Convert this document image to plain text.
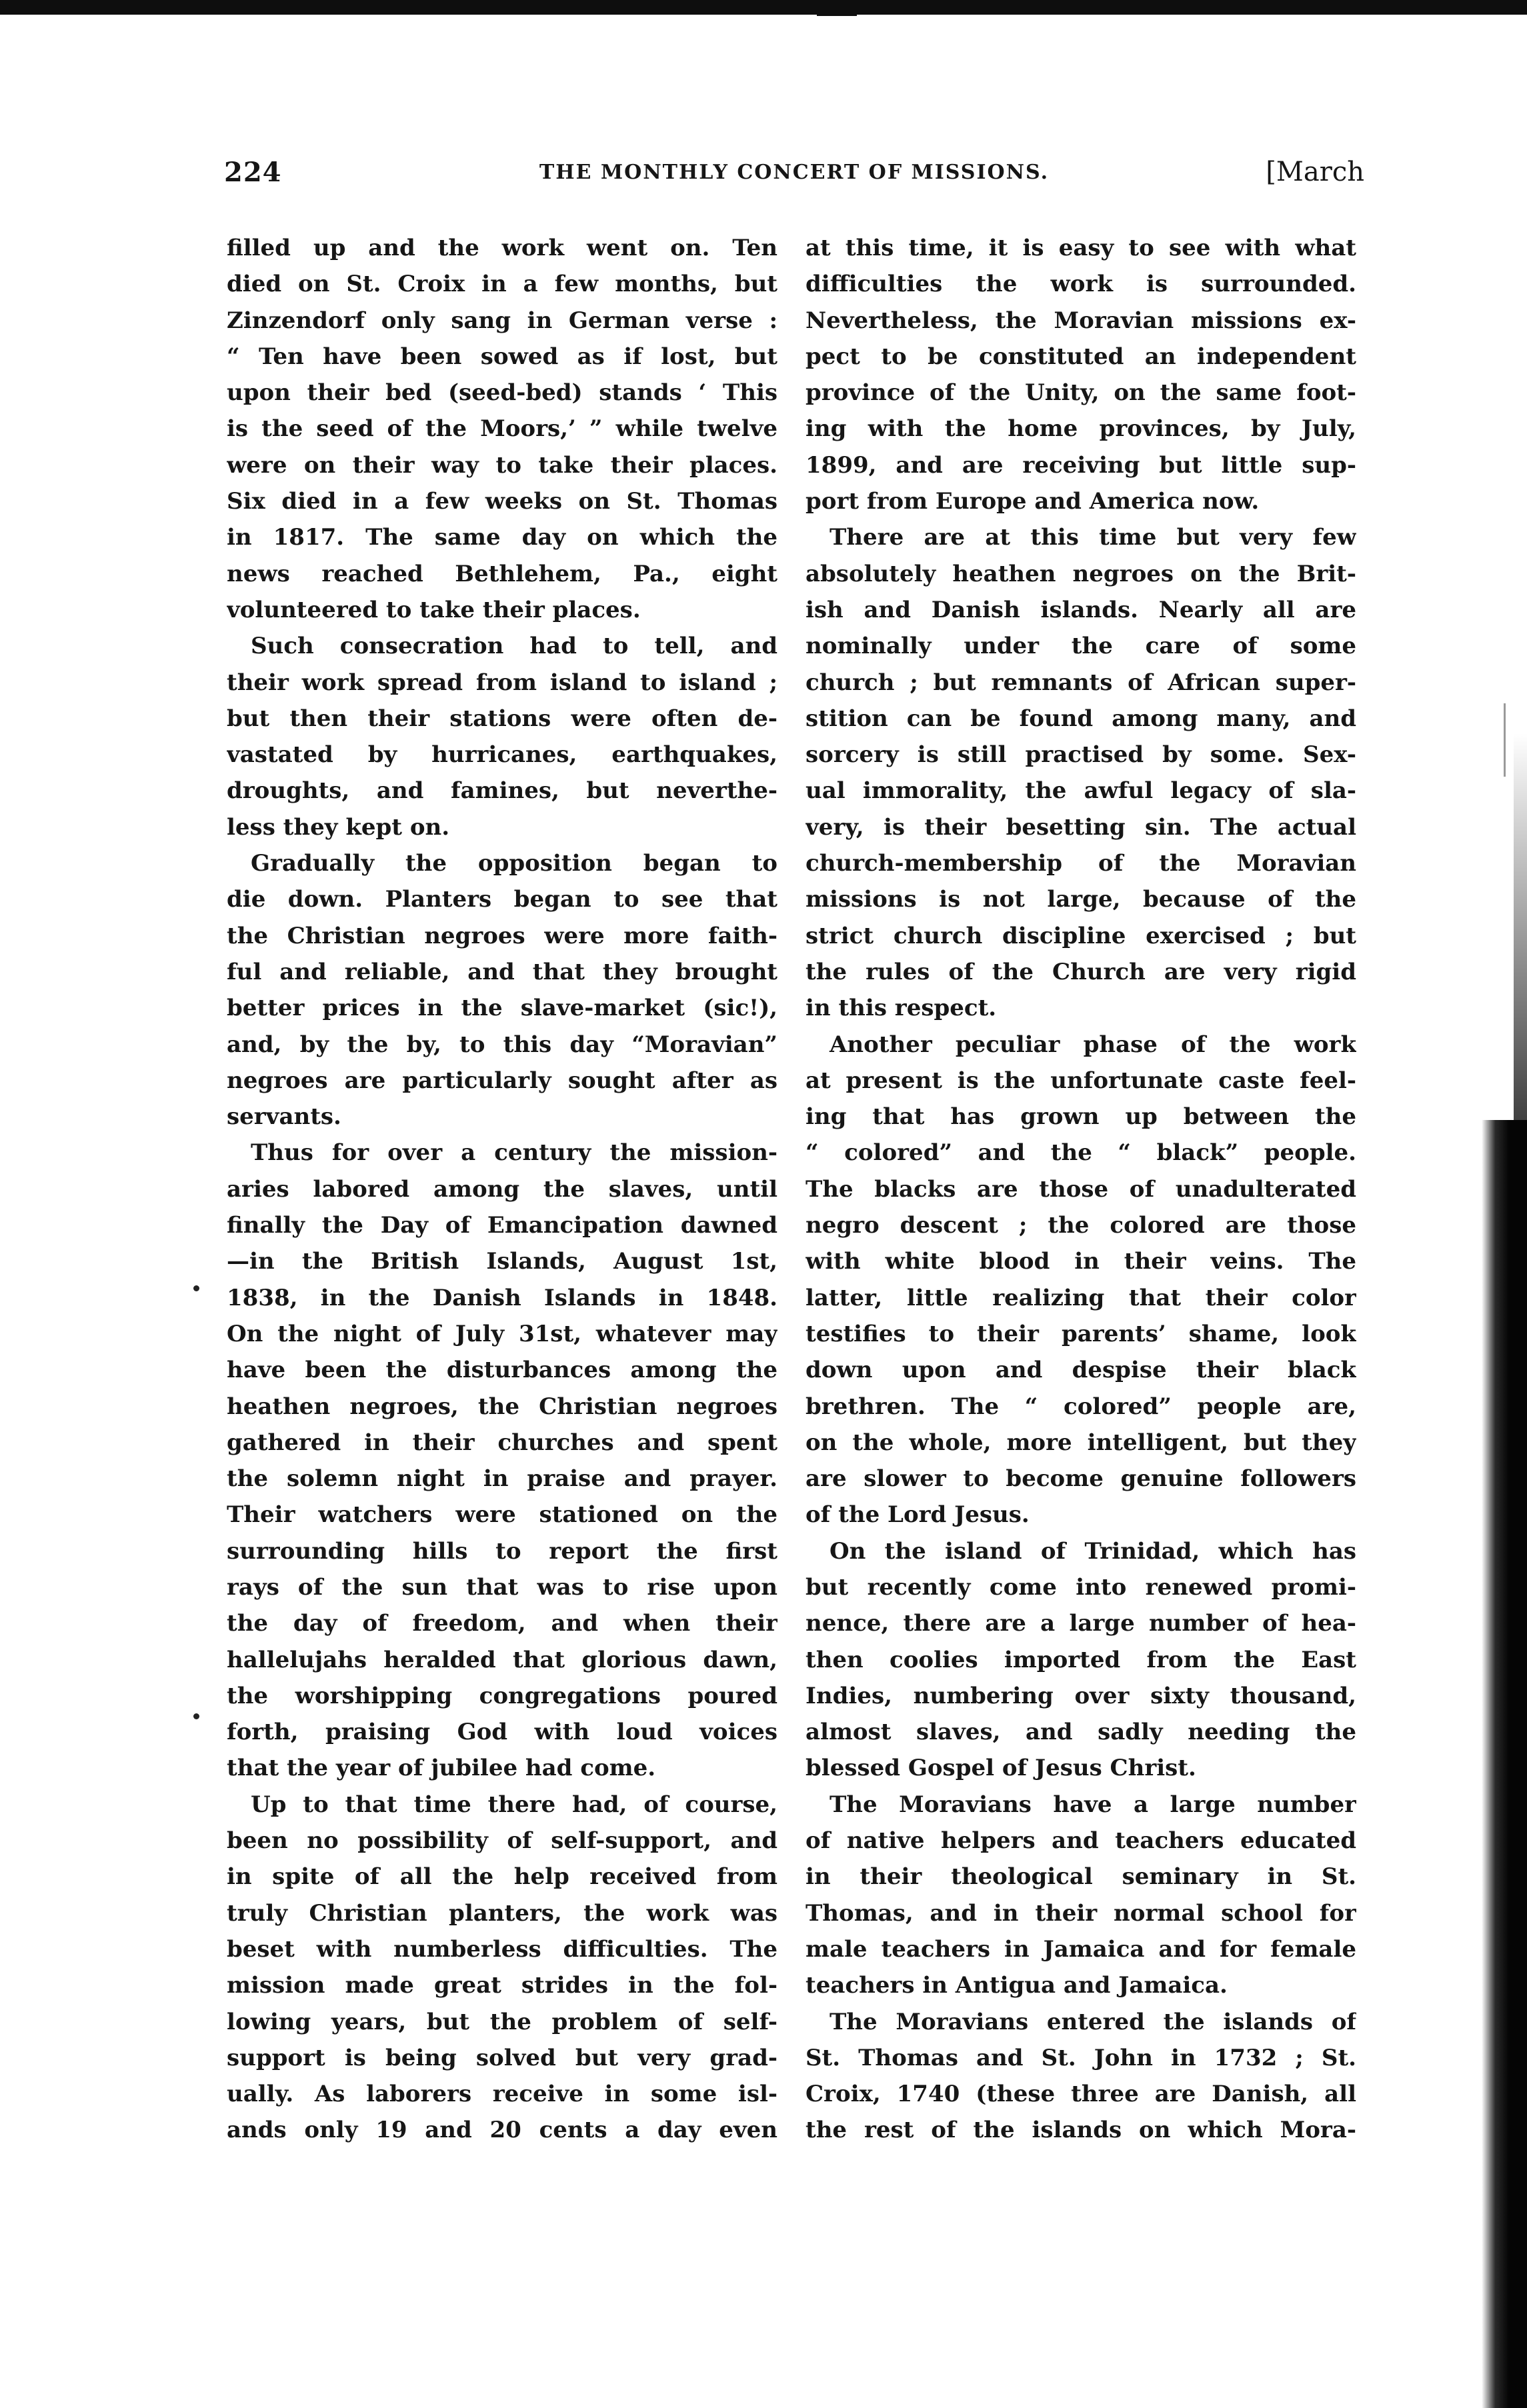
224	THE MONTHLY CONCERT OF MISSIONS.	[March
filled up and the work went on. Ten
died on St. Croix in a few months, but
Zinzendorf only sang in German verse :
“ Ten have been sowed as if lost, but
upon their bed (seed-bed) stands ‘ This
is the seed of the Moors,’ ” while twelve
were on their way to take their places.
Six died in a few weeks on St. Thomas
in 1817. The same day on which the
news reached Bethlehem, Pa., eight
volunteered to take their places.
Such consecration had to tell, and
their work spread from island to island ;
but then their stations were often de-
vastated by hurricanes, earthquakes,
droughts, and famines, but neverthe-
less they kept on.
Gradually the opposition began to
die down. Planters began to see that
the Christian negroes were more faith-
ful and reliable, and that they brought
better prices in the slave-market (sic!),
and, by the by, to this day “Moravian”
negroes are particularly sought after as
servants.
Thus for over a century the mission-
aries labored among the slaves, until
finally the Day of Emancipation dawned
—in the British Islands, August 1st,
1838, in the Danish Islands in 1848.
On the night of July 31st, whatever may
have been the disturbances among the
heathen negroes, the Christian negroes
gathered in their churches and spent
the solemn night in praise and prayer.
Their watchers were stationed on the
surrounding hills to report the first
rays of the sun that was to rise upon
the day of freedom, and when their
hallelujahs heralded that glorious dawn,
the worshipping congregations poured
forth, praising God with loud voices
that the year of jubilee had come.
Up to that time there had, of course,
been no possibility of self-support, and
in spite of all the help received from
truly Christian planters, the work was
beset with numberless difficulties. The
mission made great strides in the fol-
lowing years, but the problem of self-
support is being solved but very grad-
ually. As laborers receive in some isl-
ands only 19 and 20 cents a day even
at this time, it is easy to see with what
difficulties the work is surrounded.
Nevertheless, the Moravian missions ex-
pect to be constituted an independent
province of the Unity, on the same foot-
ing with the home provinces, by July,
1899, and are receiving but little sup-
port from Europe and America now.
There are at this time but very few
absolutely heathen negroes on the Brit-
ish and Danish islands. Nearly all are
nominally under the care of some
church ; but remnants of African super-
stition can be found among many, and
sorcery is still practised by some. Sex-
ual immorality, the awful legacy of sla-
very, is their besetting sin. The actual
church-membership of the Moravian
missions is not large, because of the
strict church discipline exercised ; but
the rules of the Church are very rigid
in this respect.
Another peculiar phase of the work
at present is the unfortunate caste feel-
ing that has grown up between the
“ colored” and the “ black” people.
The blacks are those of unadulterated
negro descent ; the colored are those
with white blood in their veins. The
latter, little realizing that their color
testifies to their parents’ shame, look
down upon and despise their black
brethren. The “ colored” people are,
on the whole, more intelligent, but they
are slower to become genuine followers
of the Lord Jesus.
On the island of Trinidad, which has
but recently come into renewed promi-
nence, there are a large number of hea-
then coolies imported from the East
Indies, numbering over sixty thousand,
almost slaves, and sadly needing the
blessed Gospel of Jesus Christ.
The Moravians have a large number
of native helpers and teachers educated
in their theological seminary in St.
Thomas, and in their normal school for
male teachers in Jamaica and for female
teachers in Antigua and Jamaica.
The Moravians entered the islands of
St. Thomas and St. John in 1732 ; St.
Croix, 1740 (these three are Danish, all
the rest of the islands on which Mora-
